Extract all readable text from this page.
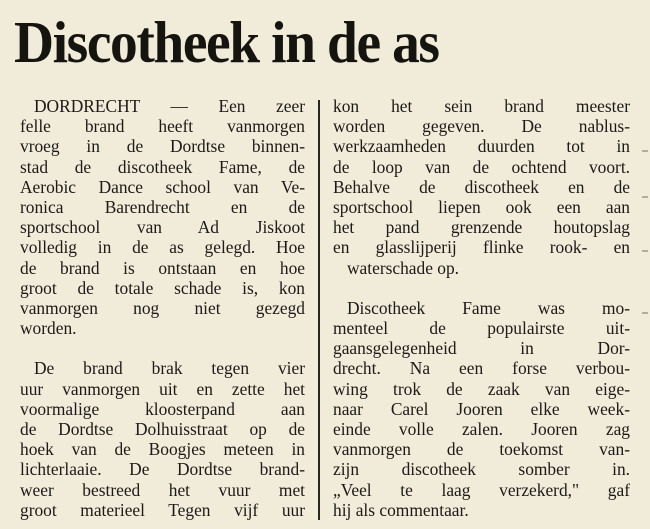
Discotheek in de as
DORDRECHT — Een zeer
felle brand heeft vanmorgen
vroeg in de Dordtse binnen-
stad de discotheek Fame, de
Aerobic Dance school van Ve-
ronica Barendrecht en de
sportschool van Ad Jiskoot
volledig in de as gelegd. Hoe
de brand is ontstaan en hoe
groot de totale schade is, kon
vanmorgen nog niet gezegd
worden.
De brand brak tegen vier
uur vanmorgen uit en zette het
voormalige kloosterpand aan
de Dordtse Dolhuisstraat op de
hoek van de Boogjes meteen in
lichterlaaie. De Dordtse brand-
weer bestreed het vuur met
groot materieel Tegen vijf uur
kon het sein brand meester
worden gegeven. De nablus-
werkzaamheden duurden tot in
de loop van de ochtend voort.
Behalve de discotheek en de
sportschool liepen ook een aan
het pand grenzende houtopslag
en glasslijperij flinke rook- en
waterschade op.
Discotheek Fame was mo-
menteel de populairste uit-
gaansgelegenheid in Dor-
drecht. Na een forse verbou-
wing trok de zaak van eige-
naar Carel Jooren elke week-
einde volle zalen. Jooren zag
vanmorgen de toekomst van-
zijn discotheek somber in.
„Veel te laag verzekerd," gaf
hij als commentaar.
